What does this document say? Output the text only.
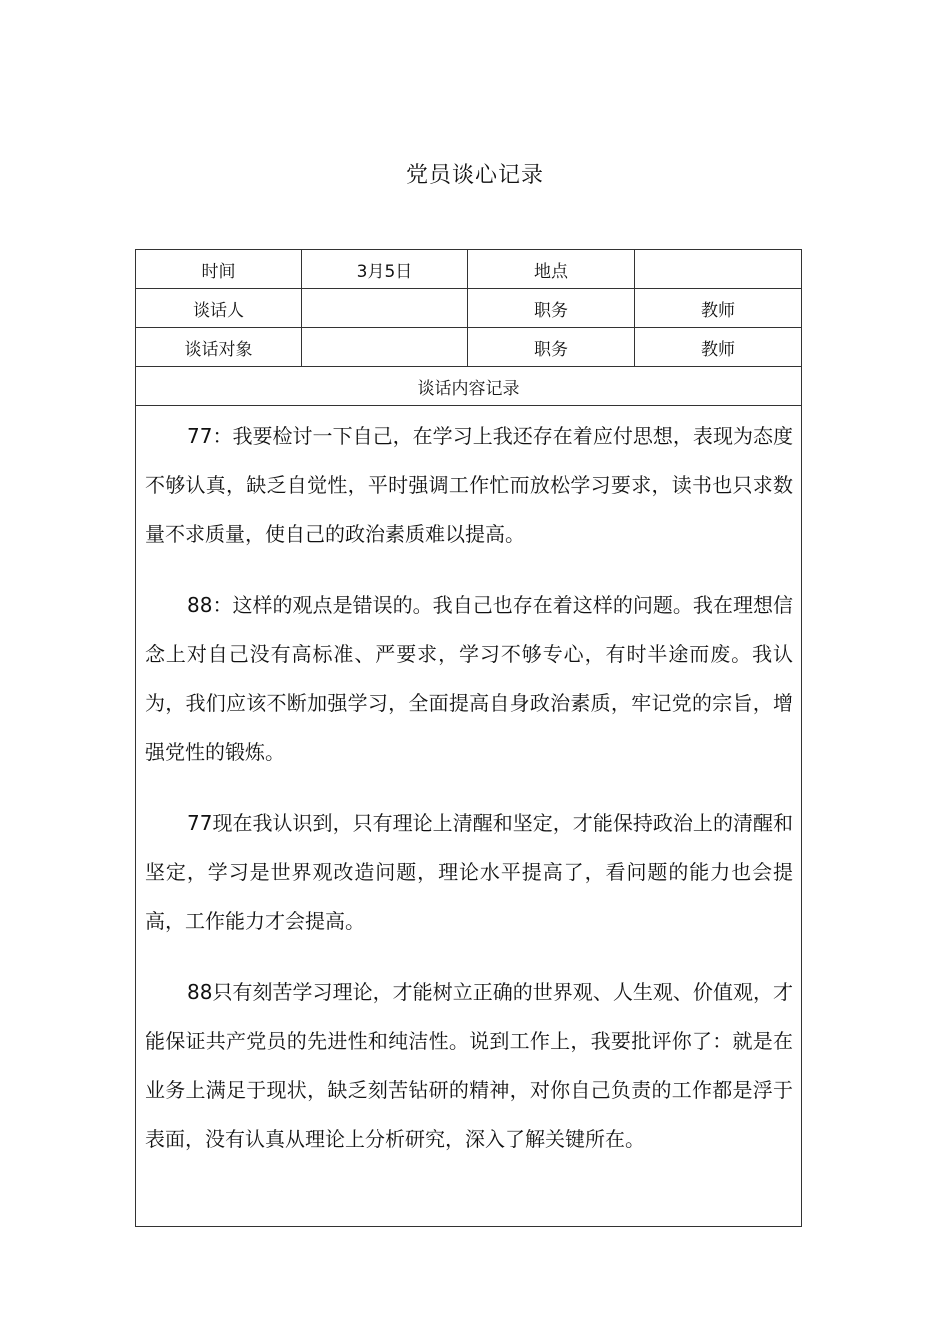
党员谈心记录
时间	3月5日	地点	
谈话人		职务	教师
谈话对象		职务	教师
谈话内容记录			

77：我要检讨一下自己，在学习上我还存在着应付思想，表现为态度不够认真，缺乏自觉性，平时强调工作忙而放松学习要求，读书也只求数量不求质量，使自己的政治素质难以提高。

88：这样的观点是错误的。我自己也存在着这样的问题。我在理想信念上对自己没有高标准、严要求，学习不够专心，有时半途而废。我认为，我们应该不断加强学习，全面提高自身政治素质，牢记党的宗旨，增强党性的锻炼。

77现在我认识到，只有理论上清醒和坚定，才能保持政治上的清醒和坚定，学习是世界观改造问题，理论水平提高了，看问题的能力也会提高，工作能力才会提高。

88只有刻苦学习理论，才能树立正确的世界观、人生观、价值观，才能保证共产党员的先进性和纯洁性。说到工作上，我要批评你了：就是在业务上满足于现状，缺乏刻苦钻研的精神，对你自己负责的工作都是浮于表面，没有认真从理论上分析研究，深入了解关键所在。			
